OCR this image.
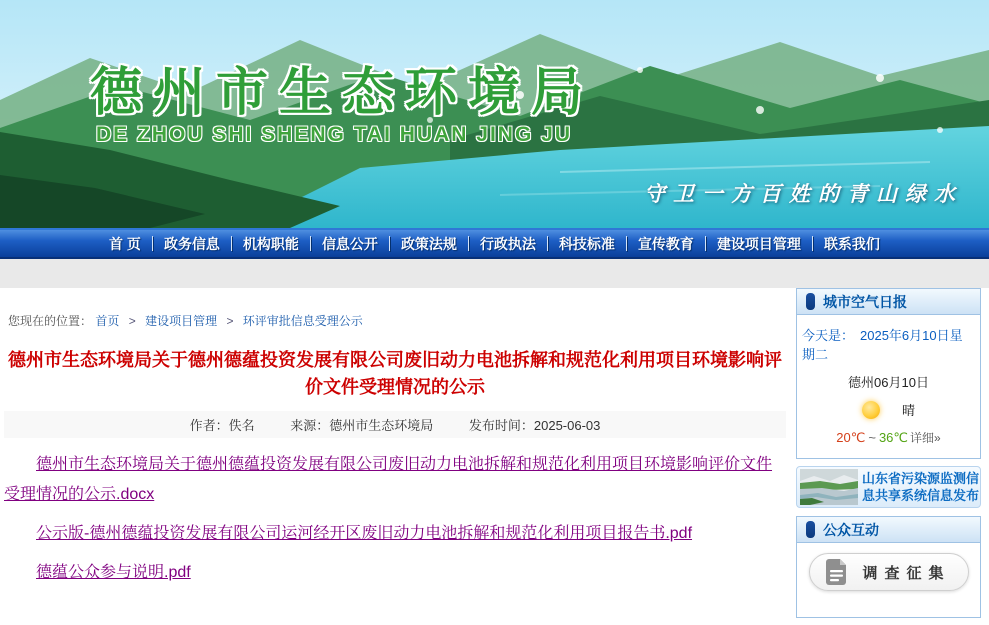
德州市生态环境局
DE ZHOU SHI SHENG TAI HUAN JING JU
守卫一方百姓的青山绿水
首 页	政务信息	机构职能	信息公开	政策法规	行政执法	科技标准	宣传教育	建设项目管理	联系我们
您现在的位置： 首页 > 建设项目管理 > 环评审批信息受理公示
德州市生态环境局关于德州德蕴投资发展有限公司废旧动力电池拆解和规范化利用项目环境影响评价文件受理情况的公示
作者：佚名	来源：德州市生态环境局	发布时间：2025-06-03

德州市生态环境局关于德州德蕴投资发展有限公司废旧动力电池拆解和规范化利用项目环境影响评价文件受理情况的公示.docx

公示版-德州德蕴投资发展有限公司运河经开区废旧动力电池拆解和规范化利用项目报告书.pdf

德蕴公众参与说明.pdf

城市空气日报
今天是： 2025年6月10日星期二
德州06月10日
晴
20℃ ~ 36℃ 详细»
山东省污染源监测信
息共享系统信息发布
公众互动
调查征集
